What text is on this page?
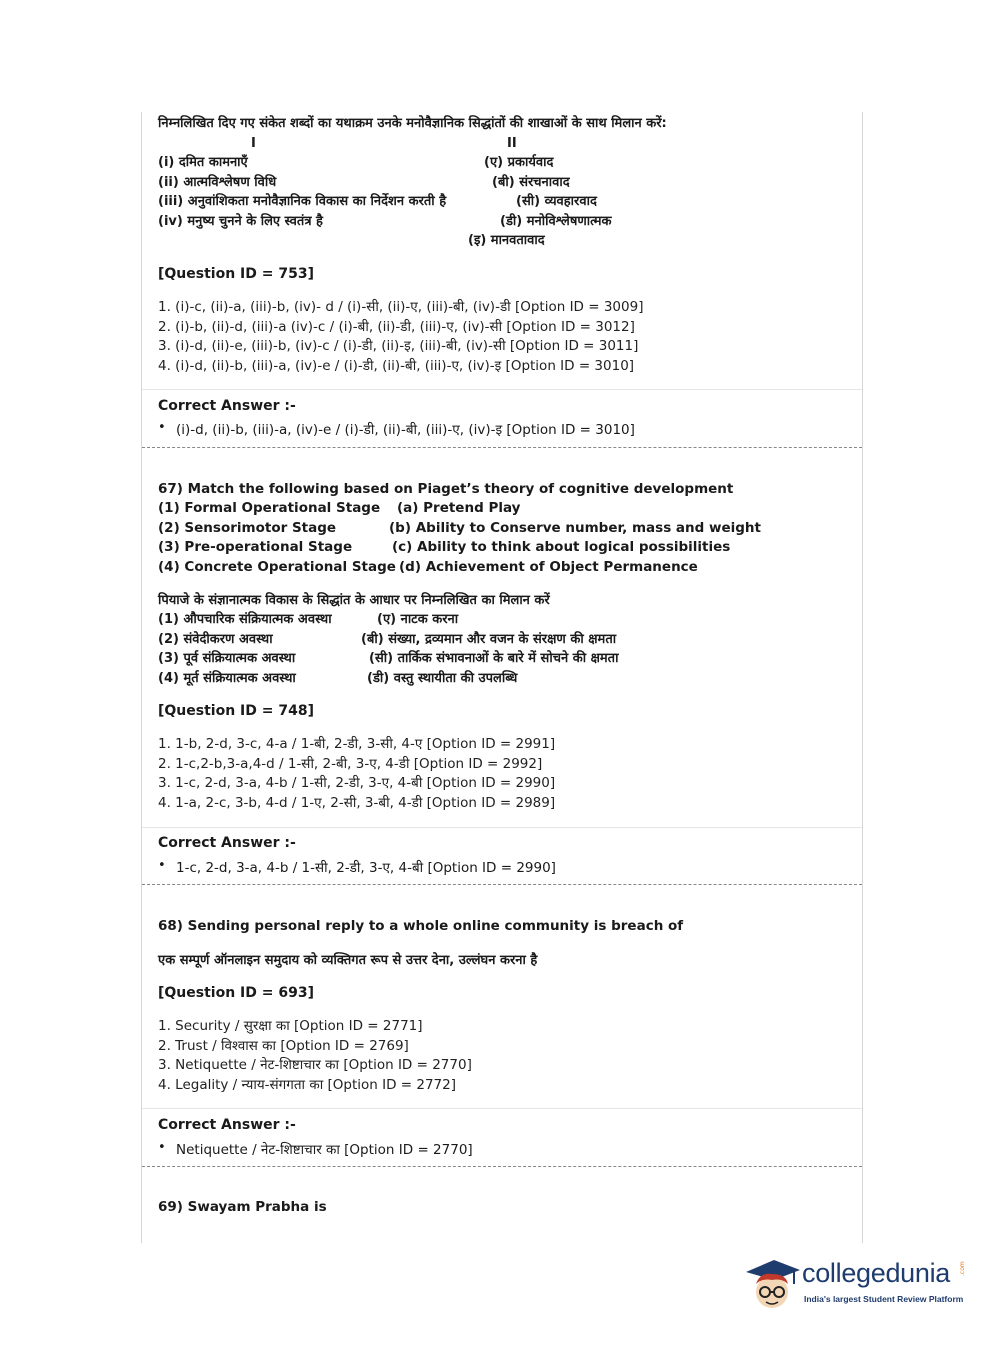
निम्नलिखित दिए गए संकेत शब्दों का यथाक्रम उनके मनोवैज्ञानिक सिद्धांतों की शाखाओं के साथ मिलान करें:
I	II
(i) दमित कामनाएँ
(ii) आत्मविश्लेषण विधि
(iii) अनुवांशिकता मनोवैज्ञानिक विकास का निर्देशन करती है
(iv) मनुष्य चुनने के लिए स्वतंत्र है
(ए) प्रकार्यवाद
(बी) संरचनावाद
(सी) व्यवहारवाद
(डी) मनोविश्लेषणात्मक
(इ) मानवतावाद
[Question ID = 753]
1. (i)-c, (ii)-a, (iii)-b, (iv)- d / (i)-सी, (ii)-ए, (iii)-बी, (iv)-डी [Option ID = 3009]
2. (i)-b, (ii)-d, (iii)-a (iv)-c / (i)-बी, (ii)-डी, (iii)-ए, (iv)-सी [Option ID = 3012]
3. (i)-d, (ii)-e, (iii)-b, (iv)-c / (i)-डी, (ii)-इ, (iii)-बी, (iv)-सी [Option ID = 3011]
4. (i)-d, (ii)-b, (iii)-a, (iv)-e / (i)-डी, (ii)-बी, (iii)-ए, (iv)-इ [Option ID = 3010]
Correct Answer :-
• (i)-d, (ii)-b, (iii)-a, (iv)-e / (i)-डी, (ii)-बी, (iii)-ए, (iv)-इ [Option ID = 3010]
67) Match the following based on Piaget’s theory of cognitive development
(1) Formal Operational Stage
(2) Sensorimotor Stage
(3) Pre-operational Stage
(4) Concrete Operational Stage
(a) Pretend Play
(b) Ability to Conserve number, mass and weight
(c) Ability to think about logical possibilities
(d) Achievement of Object Permanence
पियाजे के संज्ञानात्मक विकास के सिद्धांत के आधार पर निम्नलिखित का मिलान करें
(1) औपचारिक संक्रियात्मक अवस्था
(2) संवेदीकरण अवस्था
(3) पूर्व संक्रियात्मक अवस्था
(4) मूर्त संक्रियात्मक अवस्था
(ए) नाटक करना
(बी) संख्या, द्रव्यमान और वजन के संरक्षण की क्षमता
(सी) तार्किक संभावनाओं के बारे में सोचने की क्षमता
(डी) वस्तु स्थायीता की उपलब्धि
[Question ID = 748]
1. 1-b, 2-d, 3-c, 4-a / 1-बी, 2-डी, 3-सी, 4-ए [Option ID = 2991]
2. 1-c,2-b,3-a,4-d / 1-सी, 2-बी, 3-ए, 4-डी [Option ID = 2992]
3. 1-c, 2-d, 3-a, 4-b / 1-सी, 2-डी, 3-ए, 4-बी [Option ID = 2990]
4. 1-a, 2-c, 3-b, 4-d / 1-ए, 2-सी, 3-बी, 4-डी [Option ID = 2989]
Correct Answer :-
• 1-c, 2-d, 3-a, 4-b / 1-सी, 2-डी, 3-ए, 4-बी [Option ID = 2990]
68) Sending personal reply to a whole online community is breach of
एक सम्पूर्ण ऑनलाइन समुदाय को व्यक्तिगत रूप से उत्तर देना, उल्लंघन करना है
[Question ID = 693]
1. Security / सुरक्षा का [Option ID = 2771]
2. Trust / विश्वास का [Option ID = 2769]
3. Netiquette / नेट-शिष्टाचार का [Option ID = 2770]
4. Legality / न्याय-संगगता का [Option ID = 2772]
Correct Answer :-
• Netiquette / नेट-शिष्टाचार का [Option ID = 2770]
69) Swayam Prabha is
collegedunia .com
India's largest Student Review Platform
